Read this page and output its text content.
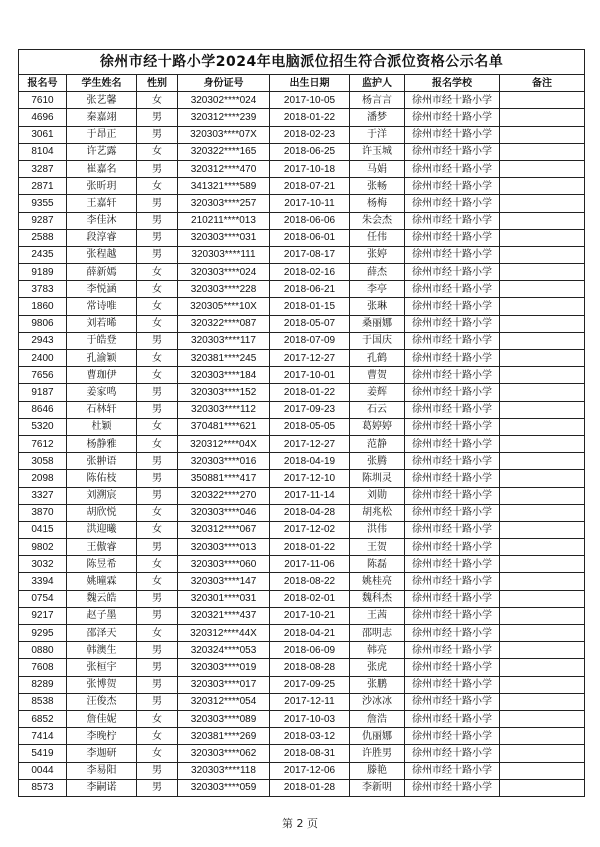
徐州市经十路小学2024年电脑派位招生符合派位资格公示名单							
报名号	学生姓名	性别	身份证号	出生日期	监护人	报名学校	备注
7610	张艺馨	女	320302****024	2017-10-05	杨言言	徐州市经十路小学	
4696	秦嘉翊	男	320312****239	2018-01-22	潘梦	徐州市经十路小学	
3061	于昂正	男	320303****07X	2018-02-23	于洋	徐州市经十路小学	
8104	许艺露	女	320322****165	2018-06-25	许玉城	徐州市经十路小学	
3287	崔嘉名	男	320312****470	2017-10-18	马娟	徐州市经十路小学	
2871	张昕玥	女	341321****589	2018-07-21	张畅	徐州市经十路小学	
9355	王嘉轩	男	320303****257	2017-10-11	杨梅	徐州市经十路小学	
9287	李佳沐	男	210211****013	2018-06-06	朱会杰	徐州市经十路小学	
2588	段淳睿	男	320303****031	2018-06-01	任伟	徐州市经十路小学	
2435	张程越	男	320303****111	2017-08-17	张婷	徐州市经十路小学	
9189	薛新嫣	女	320303****024	2018-02-16	薛杰	徐州市经十路小学	
3783	李悦涵	女	320303****228	2018-06-21	李亭	徐州市经十路小学	
1860	常诗唯	女	320305****10X	2018-01-15	张琳	徐州市经十路小学	
9806	刘若晞	女	320322****087	2018-05-07	桑丽娜	徐州市经十路小学	
2943	于皓登	男	320303****117	2018-07-09	于国庆	徐州市经十路小学	
2400	孔渝颖	女	320381****245	2017-12-27	孔鹤	徐州市经十路小学	
7656	曹珈伊	女	320303****184	2017-10-01	曹贺	徐州市经十路小学	
9187	姜家鸣	男	320303****152	2018-01-22	姜辉	徐州市经十路小学	
8646	石林轩	男	320303****112	2017-09-23	石云	徐州市经十路小学	
5320	杜颖	女	370481****621	2018-05-05	葛婷婷	徐州市经十路小学	
7612	杨静雅	女	320312****04X	2017-12-27	范静	徐州市经十路小学	
3058	张翀语	男	320303****016	2018-04-19	张腾	徐州市经十路小学	
2098	陈佑枝	男	350881****417	2017-12-10	陈圳灵	徐州市经十路小学	
3327	刘溯宸	男	320322****270	2017-11-14	刘勋	徐州市经十路小学	
3870	胡欣悦	女	320303****046	2018-04-28	胡兆松	徐州市经十路小学	
0415	洪迎曦	女	320312****067	2017-12-02	洪伟	徐州市经十路小学	
9802	王傲睿	男	320303****013	2018-01-22	王贺	徐州市经十路小学	
3032	陈昱希	女	320303****060	2017-11-06	陈磊	徐州市经十路小学	
3394	姚曈霖	女	320303****147	2018-08-22	姚桂亮	徐州市经十路小学	
0754	魏云皓	男	320301****031	2018-02-01	魏科杰	徐州市经十路小学	
9217	赵子墨	男	320321****437	2017-10-21	王茜	徐州市经十路小学	
9295	邵泽天	女	320312****44X	2018-04-21	邵明志	徐州市经十路小学	
0880	韩澳生	男	320324****053	2018-06-09	韩亮	徐州市经十路小学	
7608	张桓宇	男	320303****019	2018-08-28	张虎	徐州市经十路小学	
8289	张博贺	男	320303****017	2017-09-25	张鹏	徐州市经十路小学	
8538	汪俊杰	男	320312****054	2017-12-11	沙冰冰	徐州市经十路小学	
6852	詹佳妮	女	320303****089	2017-10-03	詹浩	徐州市经十路小学	
7414	李晚柠	女	320381****269	2018-03-12	仇丽娜	徐州市经十路小学	
5419	李迦研	女	320303****062	2018-08-31	许胜男	徐州市经十路小学	
0044	李易阳	男	320303****118	2017-12-06	滕艳	徐州市经十路小学	
8573	李嗣诺	男	320303****059	2018-01-28	李新明	徐州市经十路小学	
第 2 页
